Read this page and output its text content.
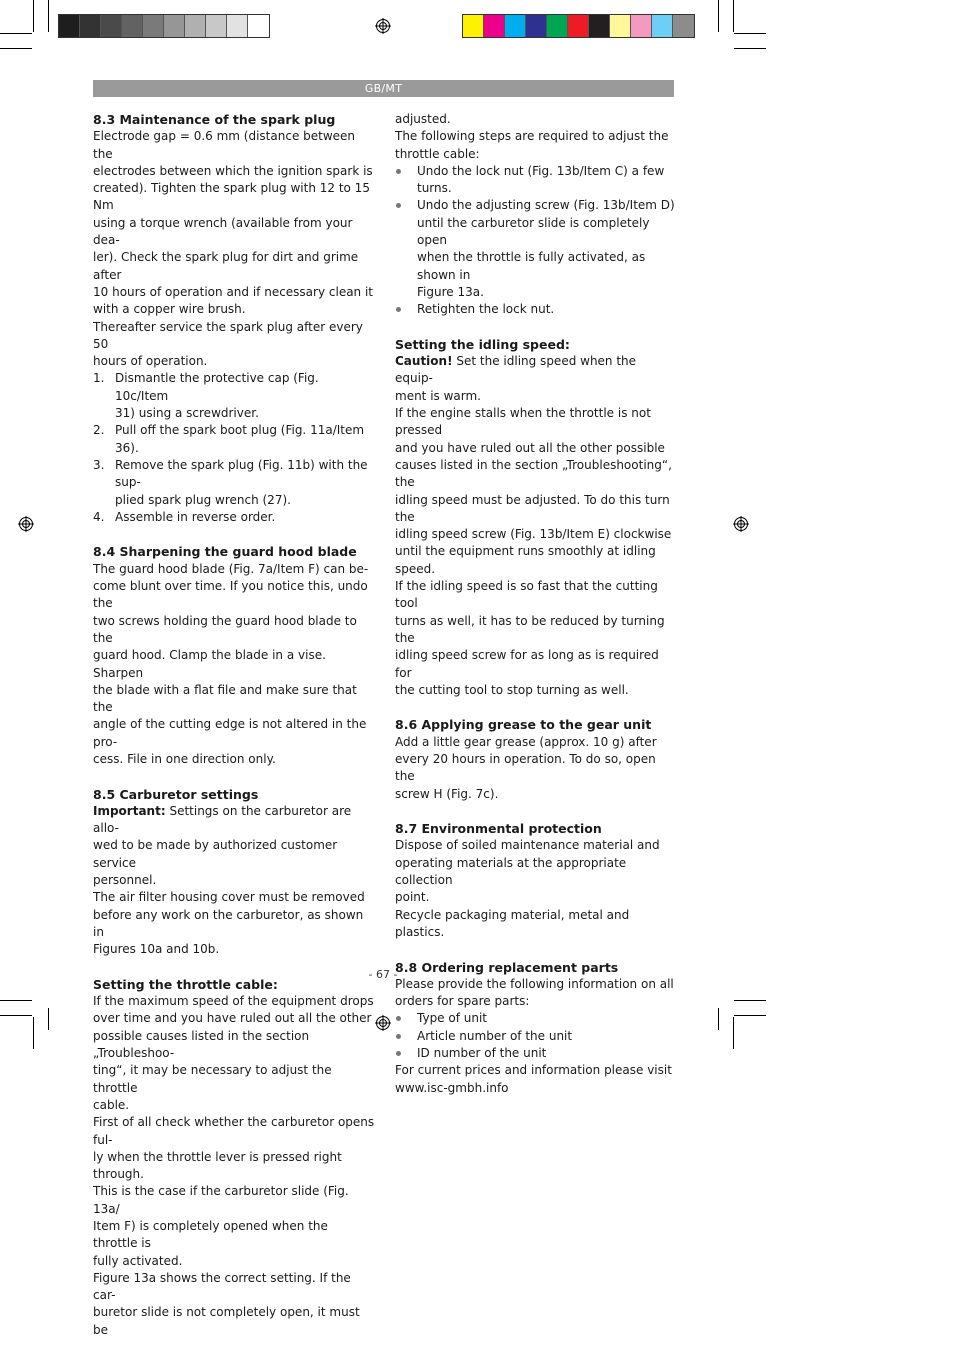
GB/MT
8.3 Maintenance of the spark plug

Electrode gap = 0.6 mm (distance between the

electrodes between which the ignition spark is

created). Tighten the spark plug with 12 to 15 Nm

using a torque wrench (available from your dea-

ler). Check the spark plug for dirt and grime after

10 hours of operation and if necessary clean it

with a copper wire brush.

Thereafter service the spark plug after every 50

hours of operation.

1. Dismantle the protective cap (Fig. 10c/Item
31) using a screwdriver.
2. Pull off the spark boot plug (Fig. 11a/Item
36).
3. Remove the spark plug (Fig. 11b) with the sup-
plied spark plug wrench (27).
4. Assemble in reverse order.
8.4 Sharpening the guard hood blade

The guard hood blade (Fig. 7a/Item F) can be-

come blunt over time. If you notice this, undo the

two screws holding the guard hood blade to the

guard hood. Clamp the blade in a vise. Sharpen

the blade with a flat file and make sure that the

angle of the cutting edge is not altered in the pro-

cess. File in one direction only.

8.5 Carburetor settings

Important: Settings on the carburetor are allo-

wed to be made by authorized customer service

personnel.

The air filter housing cover must be removed

before any work on the carburetor, as shown in

Figures 10a and 10b.

Setting the throttle cable:

If the maximum speed of the equipment drops

over time and you have ruled out all the other

possible causes listed in the section „Troubleshoo-

ting“, it may be necessary to adjust the throttle

cable.

First of all check whether the carburetor opens ful-

ly when the throttle lever is pressed right through.

This is the case if the carburetor slide (Fig. 13a/

Item F) is completely opened when the throttle is

fully activated.

Figure 13a shows the correct setting. If the car-

buretor slide is not completely open, it must be

adjusted.

The following steps are required to adjust the

throttle cable:

Undo the lock nut (Fig. 13b/Item C) a few
turns.
Undo the adjusting screw (Fig. 13b/Item D)
until the carburetor slide is completely open
when the throttle is fully activated, as shown in
Figure 13a.
Retighten the lock nut.
Setting the idling speed:

Caution! Set the idling speed when the equip-

ment is warm.

If the engine stalls when the throttle is not pressed

and you have ruled out all the other possible

causes listed in the section „Troubleshooting“, the

idling speed must be adjusted. To do this turn the

idling speed screw (Fig. 13b/Item E) clockwise

until the equipment runs smoothly at idling speed.

If the idling speed is so fast that the cutting tool

turns as well, it has to be reduced by turning the

idling speed screw for as long as is required for

the cutting tool to stop turning as well.

8.6 Applying grease to the gear unit

Add a little gear grease (approx. 10 g) after

every 20 hours in operation. To do so, open the

screw H (Fig. 7c).

8.7 Environmental protection

Dispose of soiled maintenance material and

operating materials at the appropriate collection

point.

Recycle packaging material, metal and plastics.

8.8 Ordering replacement parts

Please provide the following information on all

orders for spare parts:

Type of unit
Article number of the unit
ID number of the unit

For current prices and information please visit

www.isc-gmbh.info

- 67 -
